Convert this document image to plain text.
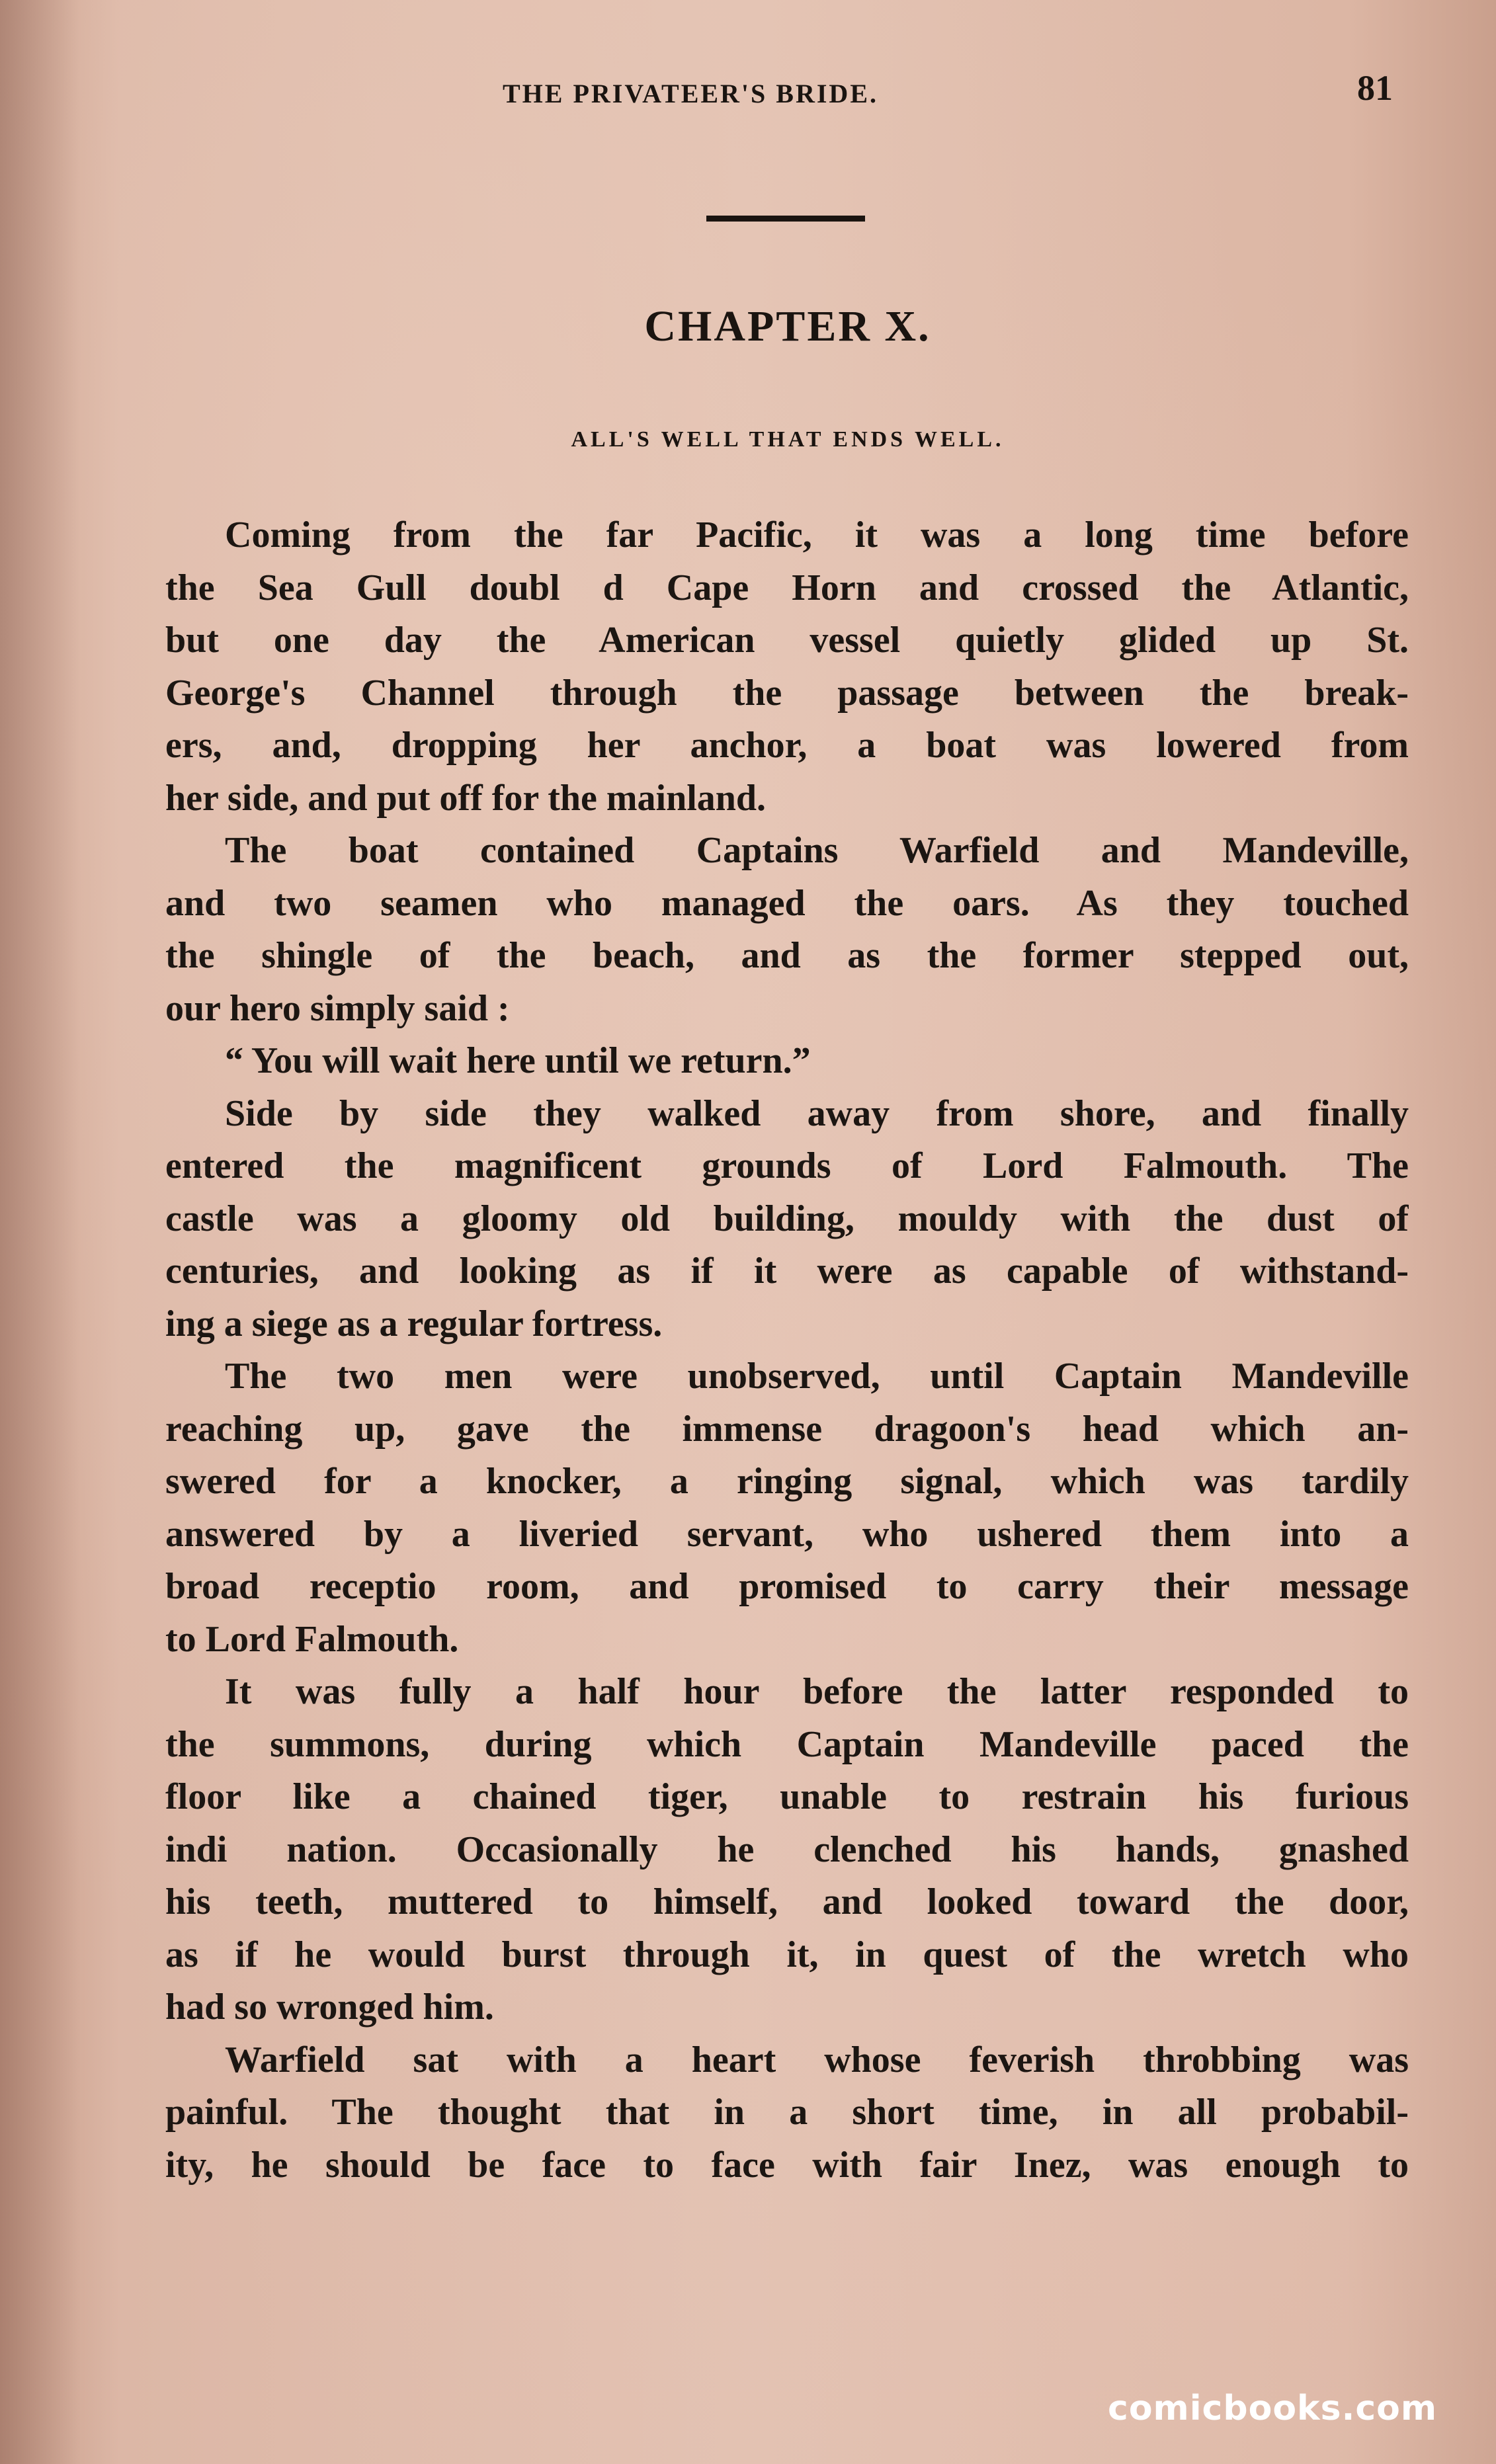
THE PRIVATEER'S BRIDE.	81
CHAPTER X.
ALL'S WELL THAT ENDS WELL.
Coming from the far Pacific, it was a long time before
the Sea Gull doubl d Cape Horn and crossed the Atlantic,
but one day the American vessel quietly glided up St.
George's Channel through the passage between the break-
ers, and, dropping her anchor, a boat was lowered from
her side, and put off for the mainland.
The boat contained Captains Warfield and Mandeville,
and two seamen who managed the oars. As they touched
the shingle of the beach, and as the former stepped out,
our hero simply said :
“ You will wait here until we return.”
Side by side they walked away from shore, and finally
entered the magnificent grounds of Lord Falmouth. The
castle was a gloomy old building, mouldy with the dust of
centuries, and looking as if it were as capable of withstand-
ing a siege as a regular fortress.
The two men were unobserved, until Captain Mandeville
reaching up, gave the immense dragoon's head which an-
swered for a knocker, a ringing signal, which was tardily
answered by a liveried servant, who ushered them into a
broad receptio room, and promised to carry their message
to Lord Falmouth.
It was fully a half hour before the latter responded to
the summons, during which Captain Mandeville paced the
floor like a chained tiger, unable to restrain his furious
indi nation. Occasionally he clenched his hands, gnashed
his teeth, muttered to himself, and looked toward the door,
as if he would burst through it, in quest of the wretch who
had so wronged him.
Warfield sat with a heart whose feverish throbbing was
painful. The thought that in a short time, in all probabil-
ity, he should be face to face with fair Inez, was enough to
comicbooks.com
